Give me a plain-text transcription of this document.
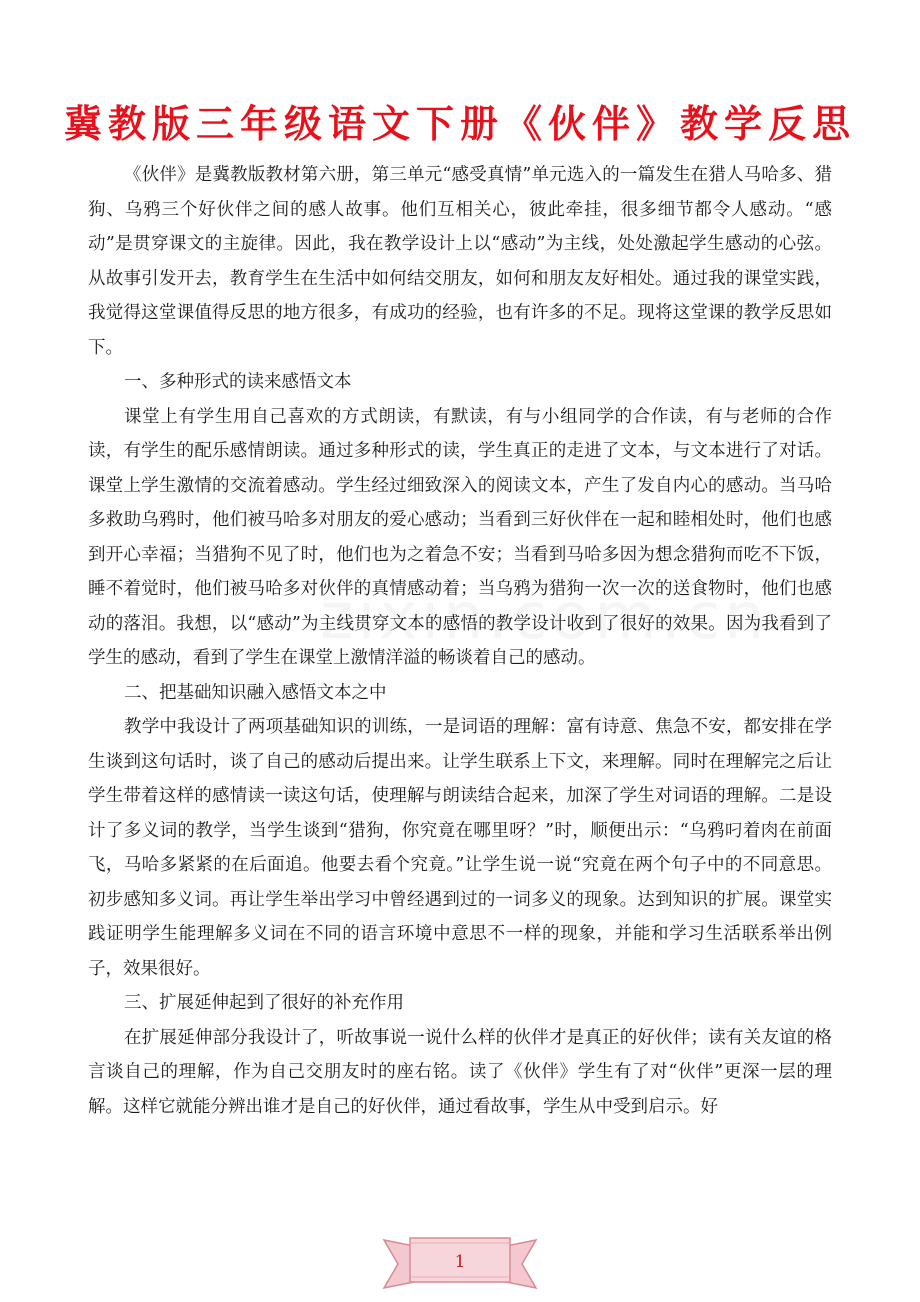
冀教版三年级语文下册《伙伴》教学反思

《伙伴》是冀教版教材第六册，第三单元“感受真情”单元选入的一篇发生在猎人马哈多、猎狗、乌鸦三个好伙伴之间的感人故事。他们互相关心，彼此牵挂，很多细节都令人感动。“感动”是贯穿课文的主旋律。因此，我在教学设计上以“感动”为主线，处处激起学生感动的心弦。从故事引发开去，教育学生在生活中如何结交朋友，如何和朋友友好相处。通过我的课堂实践，我觉得这堂课值得反思的地方很多，有成功的经验，也有许多的不足。现将这堂课的教学反思如下。

一、多种形式的读来感悟文本

课堂上有学生用自己喜欢的方式朗读，有默读，有与小组同学的合作读，有与老师的合作读，有学生的配乐感情朗读。通过多种形式的读，学生真正的走进了文本，与文本进行了对话。课堂上学生激情的交流着感动。学生经过细致深入的阅读文本，产生了发自内心的感动。当马哈多救助乌鸦时，他们被马哈多对朋友的爱心感动；当看到三好伙伴在一起和睦相处时，他们也感到开心幸福；当猎狗不见了时，他们也为之着急不安；当看到马哈多因为想念猎狗而吃不下饭，睡不着觉时，他们被马哈多对伙伴的真情感动着；当乌鸦为猎狗一次一次的送食物时，他们也感动的落泪。我想，以“感动”为主线贯穿文本的感悟的教学设计收到了很好的效果。因为我看到了学生的感动，看到了学生在课堂上激情洋溢的畅谈着自己的感动。

二、把基础知识融入感悟文本之中

教学中我设计了两项基础知识的训练，一是词语的理解：富有诗意、焦急不安，都安排在学生谈到这句话时，谈了自己的感动后提出来。让学生联系上下文，来理解。同时在理解完之后让学生带着这样的感情读一读这句话，使理解与朗读结合起来，加深了学生对词语的理解。二是设计了多义词的教学，当学生谈到“猎狗，你究竟在哪里呀？”时，顺便出示：“乌鸦叼着肉在前面飞，马哈多紧紧的在后面追。他要去看个究竟。”让学生说一说“究竟在两个句子中的不同意思。初步感知多义词。再让学生举出学习中曾经遇到过的一词多义的现象。达到知识的扩展。课堂实践证明学生能理解多义词在不同的语言环境中意思不一样的现象，并能和学习生活联系举出例子，效果很好。

三、扩展延伸起到了很好的补充作用

在扩展延伸部分我设计了，听故事说一说什么样的伙伴才是真正的好伙伴；读有关友谊的格言谈自己的理解，作为自己交朋友时的座右铭。读了《伙伴》学生有了对“伙伴”更深一层的理解。这样它就能分辨出谁才是自己的好伙伴，通过看故事，学生从中受到启示。好

1
